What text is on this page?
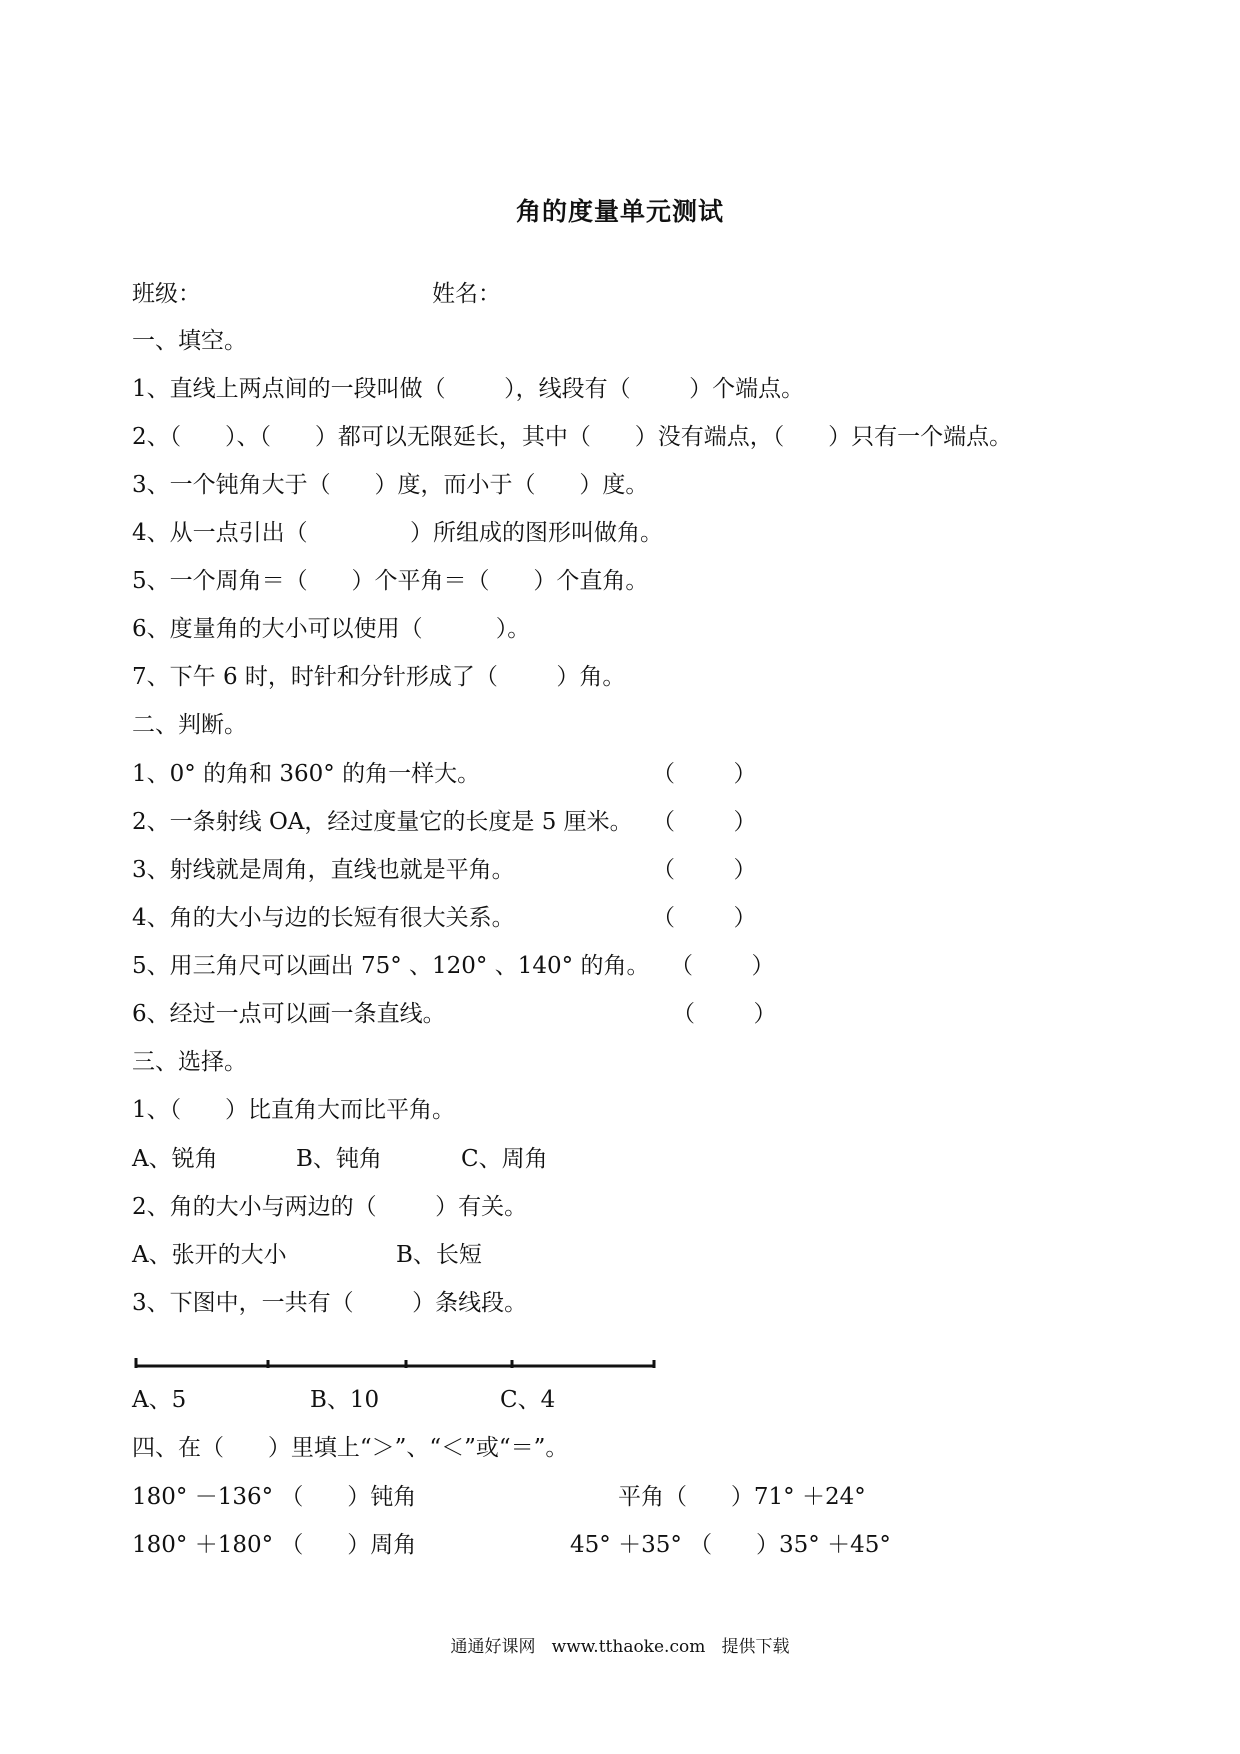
角的度量单元测试
班级：	姓名：
一、填空。
1、直线上两点间的一段叫做（        ），线段有（        ）个端点。
2、（      ）、（      ）都可以无限延长，其中（      ）没有端点，（      ）只有一个端点。
3、一个钝角大于（      ）度，而小于（      ）度。
4、从一点引出（              ）所组成的图形叫做角。
5、一个周角＝（      ）个平角＝（      ）个直角。
6、度量角的大小可以使用（          ）。
7、下午 6 时，时针和分针形成了（        ）角。
二、判断。
1、0° 的角和 360° 的角一样大。	（        ）
2、一条射线 OA，经过度量它的长度是 5 厘米。 （        ）
3、射线就是周角，直线也就是平角。	（        ）
4、角的大小与边的长短有很大关系。	（        ）
5、用三角尺可以画出 75° 、120° 、140° 的角。 （        ）
6、经过一点可以画一条直线。	（        ）
三、选择。
1、（      ）比直角大而比平角。
A、锐角	B、钝角	C、周角
2、角的大小与两边的（        ）有关。
A、张开的大小	B、长短
3、下图中，一共有（        ）条线段。
A、5	B、10	C、4
四、在（      ）里填上“＞”、“＜”或“＝”。
180° －136° （      ）钝角	平角（      ）71° ＋24°
180° ＋180° （      ）周角	45° ＋35° （      ）35° ＋45°
通通好课网   www.tthaoke.com   提供下载
